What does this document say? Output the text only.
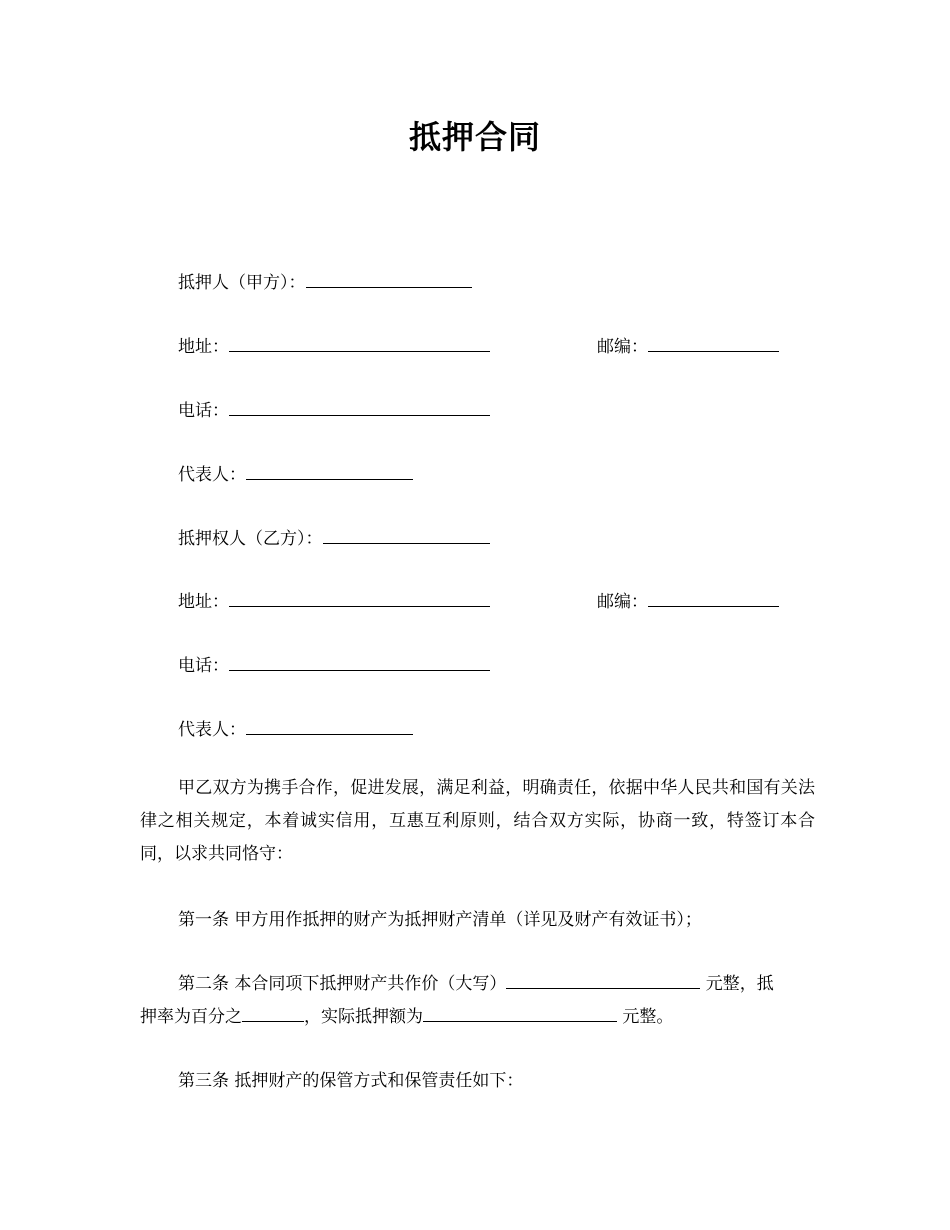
抵押合同
抵押人（甲方）：
地址：	邮编：
电话：
代表人：
抵押权人（乙方）：
地址：	邮编：
电话：
代表人：
甲乙双方为携手合作，促进发展，满足利益，明确责任，依据中华人民共和国有关法律之相关规定，本着诚实信用，互惠互利原则，结合双方实际，协商一致，特签订本合同，以求共同恪守：
第一条 甲方用作抵押的财产为抵押财产清单（详见及财产有效证书）；
第二条 本合同项下抵押财产共作价（大写）	元整，抵
押率为百分之	，实际抵押额为	元整。
第三条 抵押财产的保管方式和保管责任如下：
